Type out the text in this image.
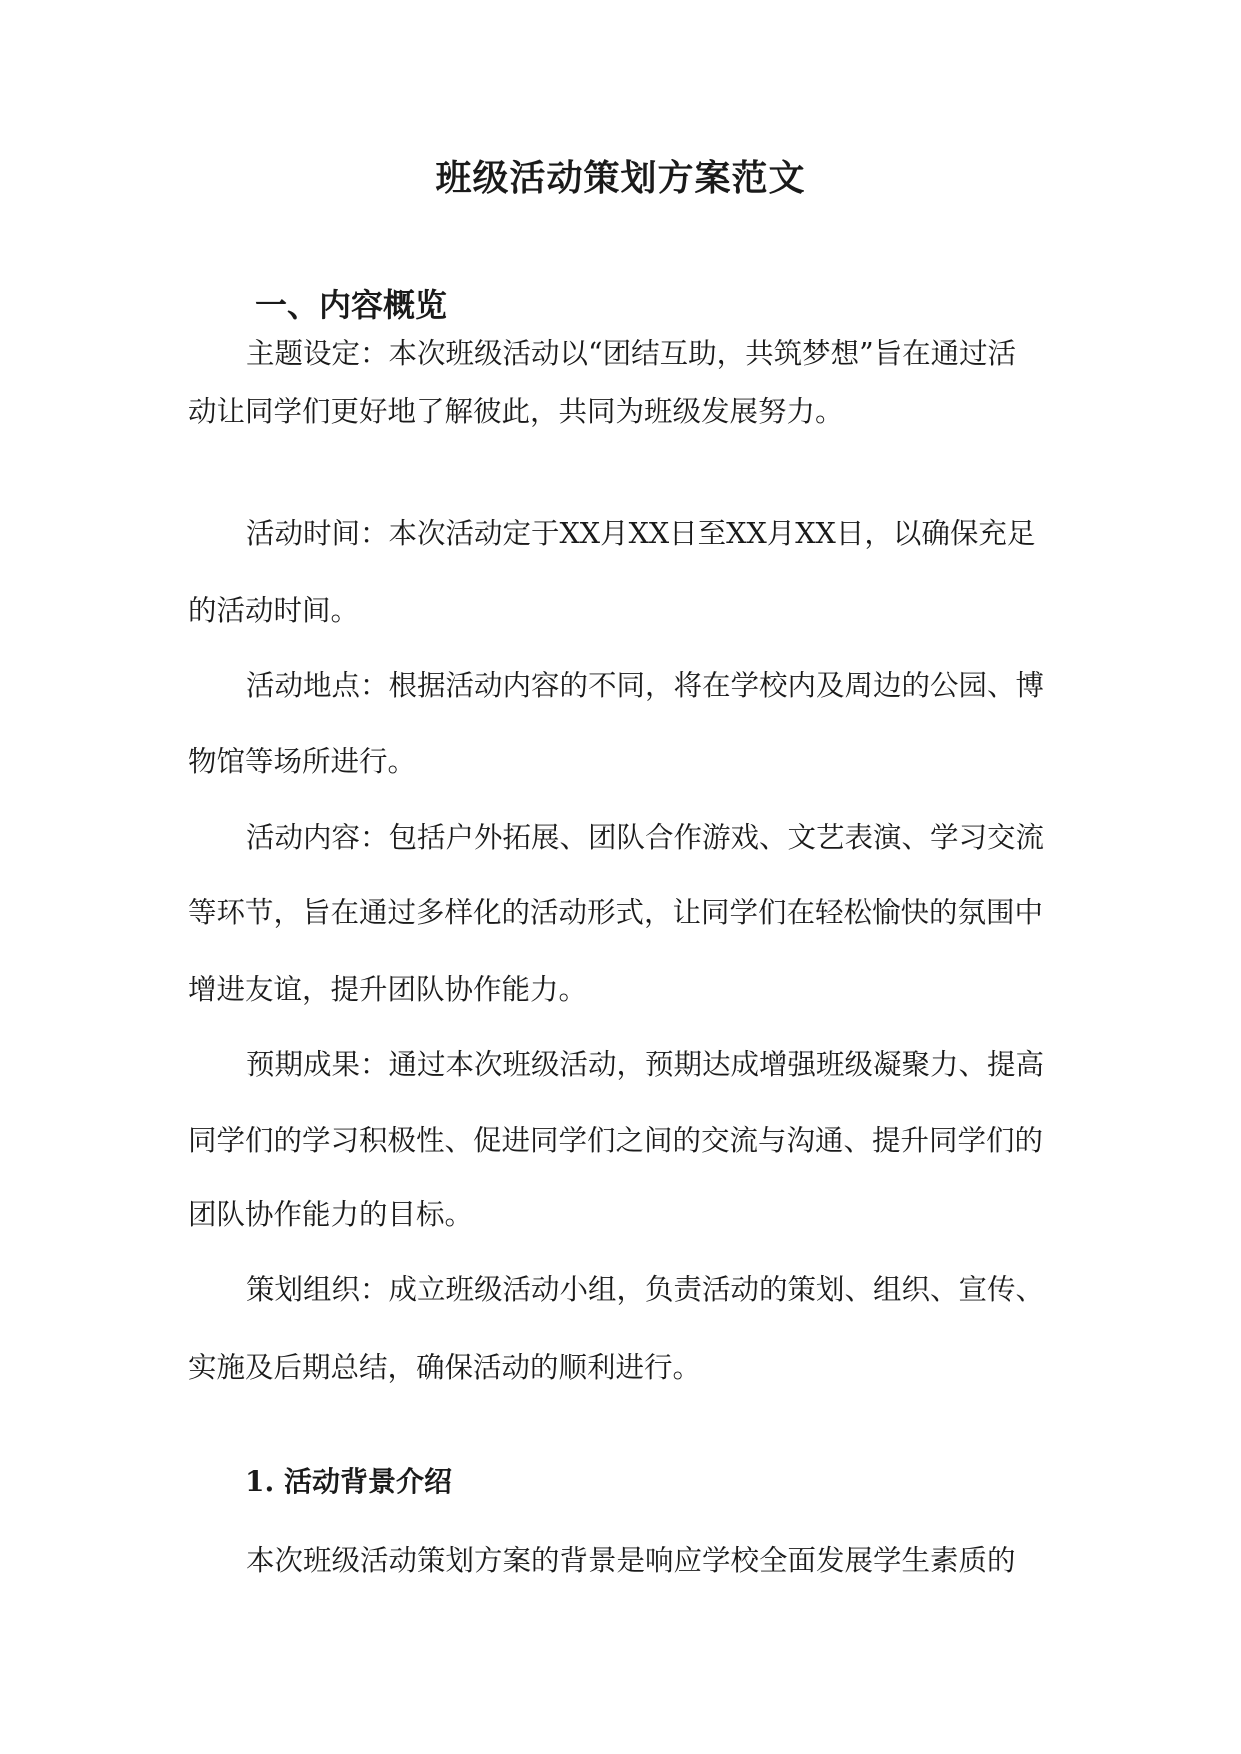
班级活动策划方案范文
一、内容概览

主题设定：本次班级活动以“团结互助，共筑梦想”旨在通过活

动让同学们更好地了解彼此，共同为班级发展努力。

活动时间：本次活动定于XX月XX日至XX月XX日，以确保充足

的活动时间。

活动地点：根据活动内容的不同，将在学校内及周边的公园、博

物馆等场所进行。

活动内容：包括户外拓展、团队合作游戏、文艺表演、学习交流

等环节，旨在通过多样化的活动形式，让同学们在轻松愉快的氛围中

增进友谊，提升团队协作能力。

预期成果：通过本次班级活动，预期达成增强班级凝聚力、提高

同学们的学习积极性、促进同学们之间的交流与沟通、提升同学们的

团队协作能力的目标。

策划组织：成立班级活动小组，负责活动的策划、组织、宣传、

实施及后期总结，确保活动的顺利进行。

1. 活动背景介绍

本次班级活动策划方案的背景是响应学校全面发展学生素质的
